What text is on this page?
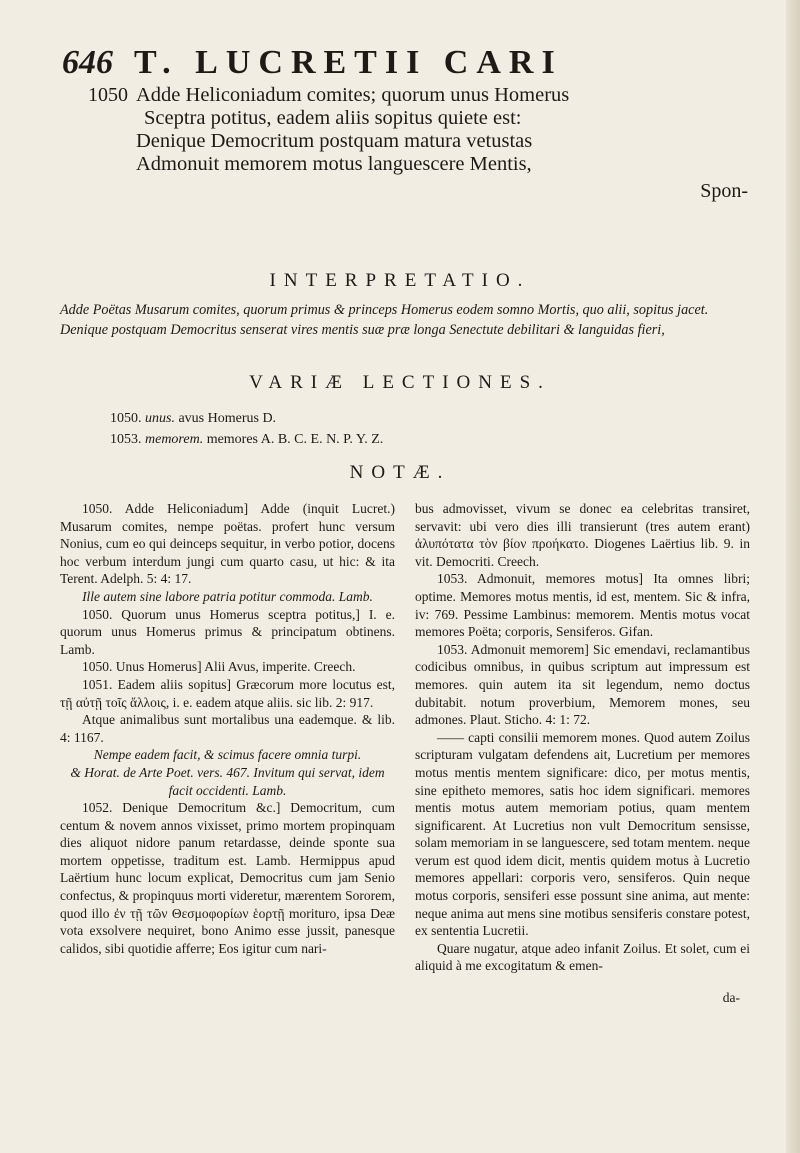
646 T. LUCRETII CARI
1050 Adde Heliconiadum comites; quorum unus Homerus
Sceptra potitus, eadem aliis sopitus quiete est:
Denique Democritum postquam matura vetustas
Admonuit memorem motus languescere Mentis,
Spon-
INTERPRETATIO.
Adde Poëtas Musarum comites, quorum primus & princeps Homerus eodem somno Mortis, quo alii, sopitus jacet. Denique postquam Democritus senserat vires mentis suæ præ longa Senectute debilitari & languidas fieri,
VARIÆ LECTIONES.
1050. unus. avus Homerus D.
1053. memorem. memores A. B. C. E. N. P. Y. Z.
NOTÆ.

1050. Adde Heliconiadum] Adde (inquit Lucret.) Musarum comites, nempe poëtas. profert hunc versum Nonius, cum eo qui deinceps sequitur, in verbo potior, docens hoc verbum interdum jungi cum quarto casu, ut hic: & ita Terent. Adelph. 5: 4: 17.

Ille autem sine labore patria potitur commoda. Lamb.

1050. Quorum unus Homerus sceptra potitus,] I. e. quorum unus Homerus primus & principatum obtinens. Lamb.

1050. Unus Homerus] Alii Avus, imperite. Creech.

1051. Eadem aliis sopitus] Græcorum more locutus est, τῇ αὐτῇ τοῖς ἄλλοις, i. e. eadem atque aliis. sic lib. 2: 917.

Atque animalibus sunt mortalibus una eademque. & lib. 4: 1167.

Nempe eadem facit, & scimus facere omnia turpi.

& Horat. de Arte Poet. vers. 467. Invitum qui servat, idem facit occidenti. Lamb.

1052. Denique Democritum &c.] Democritum, cum centum & novem annos vixisset, primo mortem propinquam dies aliquot nidore panum retardasse, deinde sponte sua mortem oppetisse, traditum est. Lamb. Hermippus apud Laërtium hunc locum explicat, Democritus cum jam Senio confectus, & propinquus morti videretur, mærentem Sororem, quod illo ἐν τῇ τῶν Θεσμοφορίων ἑορτῇ morituro, ipsa Deæ vota exsolvere nequiret, bono Animo esse jussit, panesque calidos, sibi quotidie afferre; Eos igitur cum nari-

bus admovisset, vivum se donec ea celebritas transiret, servavit: ubi vero dies illi transierunt (tres autem erant) ἀλυπότατα τὸν βίον προήκατο. Diogenes Laërtius lib. 9. in vit. Democriti. Creech.

1053. Admonuit, memores motus] Ita omnes libri; optime. Memores motus mentis, id est, mentem. Sic & infra, iv: 769. Pessime Lambinus: memorem. Mentis motus vocat memores Poëta; corporis, Sensiferos. Gifan.

1053. Admonuit memorem] Sic emendavi, reclamantibus codicibus omnibus, in quibus scriptum aut impressum est memores. quin autem ita sit legendum, nemo doctus dubitabit. notum proverbium, Memorem mones, seu admones. Plaut. Sticho. 4: 1: 72.

—— capti consilii memorem mones. Quod autem Zoilus scripturam vulgatam defendens ait, Lucretium per memores motus mentis mentem significare: dico, per motus mentis, sine epitheto memores, satis hoc idem significari. memores mentis motus autem memoriam potius, quam mentem significarent. At Lucretius non vult Democritum sensisse, solam memoriam in se languescere, sed totam mentem. neque verum est quod idem dicit, mentis quidem motus à Lucretio memores appellari: corporis vero, sensiferos. Quin neque motus corporis, sensiferi esse possunt sine anima, aut mente: neque anima aut mens sine motibus sensiferis constare potest, ex sententia Lucretii.

Quare nugatur, atque adeo infanit Zoilus. Et solet, cum ei aliquid à me excogitatum & emen-

da-
